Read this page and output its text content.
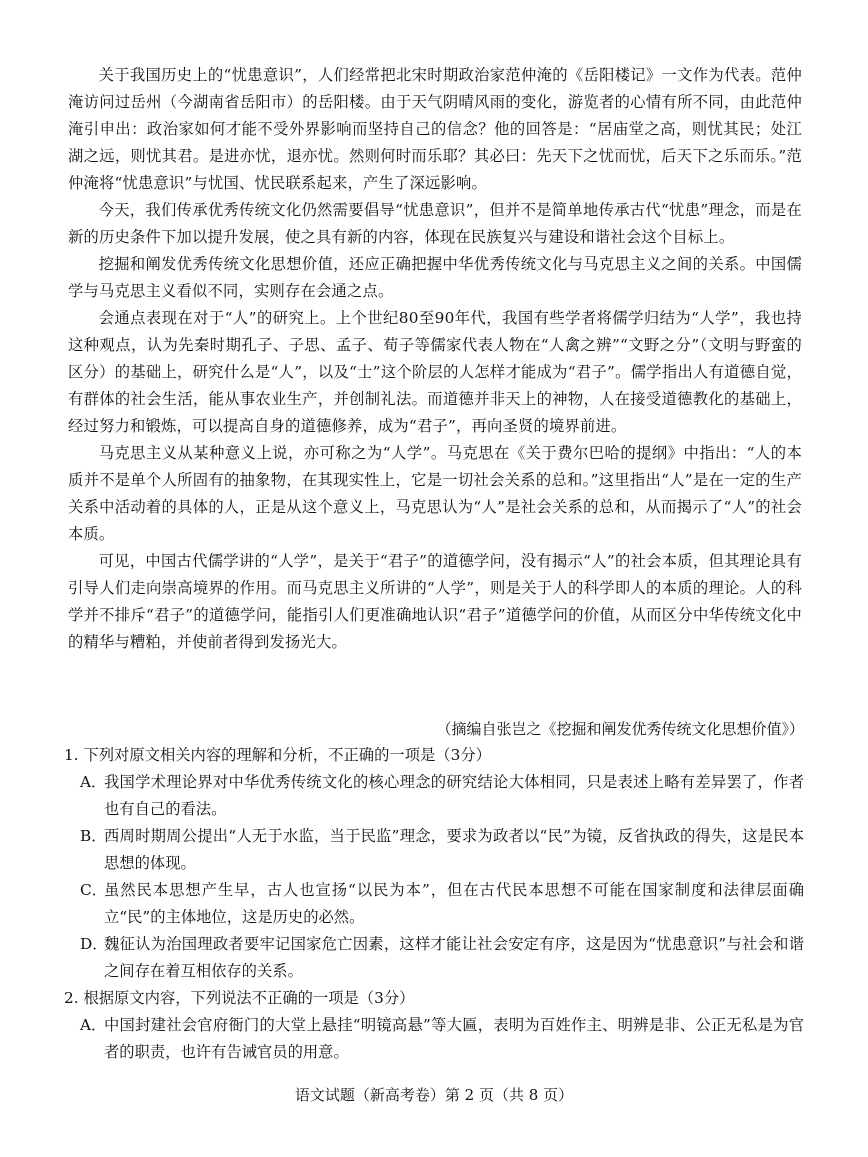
关于我国历史上的“忧患意识”，人们经常把北宋时期政治家范仲淹的《岳阳楼记》一文作为代表。范仲淹访问过岳州（今湖南省岳阳市）的岳阳楼。由于天气阴晴风雨的变化，游览者的心情有所不同，由此范仲淹引申出：政治家如何才能不受外界影响而坚持自己的信念？他的回答是：“居庙堂之高，则忧其民；处江湖之远，则忧其君。是进亦忧，退亦忧。然则何时而乐耶？其必曰：先天下之忧而忧，后天下之乐而乐。”范仲淹将“忧患意识”与忧国、忧民联系起来，产生了深远影响。

今天，我们传承优秀传统文化仍然需要倡导“忧患意识”，但并不是简单地传承古代“忧患”理念，而是在新的历史条件下加以提升发展，使之具有新的内容，体现在民族复兴与建设和谐社会这个目标上。

挖掘和阐发优秀传统文化思想价值，还应正确把握中华优秀传统文化与马克思主义之间的关系。中国儒学与马克思主义看似不同，实则存在会通之点。

会通点表现在对于“人”的研究上。上个世纪80至90年代，我国有些学者将儒学归结为“人学”，我也持这种观点，认为先秦时期孔子、子思、孟子、荀子等儒家代表人物在“人禽之辨”“文野之分”（文明与野蛮的区分）的基础上，研究什么是“人”，以及“士”这个阶层的人怎样才能成为“君子”。儒学指出人有道德自觉，有群体的社会生活，能从事农业生产，并创制礼法。而道德并非天上的神物，人在接受道德教化的基础上，经过努力和锻炼，可以提高自身的道德修养，成为“君子”，再向圣贤的境界前进。

马克思主义从某种意义上说，亦可称之为“人学”。马克思在《关于费尔巴哈的提纲》中指出：“人的本质并不是单个人所固有的抽象物，在其现实性上，它是一切社会关系的总和。”这里指出“人”是在一定的生产关系中活动着的具体的人，正是从这个意义上，马克思认为“人”是社会关系的总和，从而揭示了“人”的社会本质。

可见，中国古代儒学讲的“人学”，是关于“君子”的道德学问，没有揭示“人”的社会本质，但其理论具有引导人们走向崇高境界的作用。而马克思主义所讲的“人学”，则是关于人的科学即人的本质的理论。人的科学并不排斥“君子”的道德学问，能指引人们更准确地认识“君子”道德学问的价值，从而区分中华传统文化中的精华与糟粕，并使前者得到发扬光大。

（摘编自张岂之《挖掘和阐发优秀传统文化思想价值》）

1. 下列对原文相关内容的理解和分析，不正确的一项是（3分）

A．
我国学术理论界对中华优秀传统文化的核心理念的研究结论大体相同，只是表述上略有差异罢了，作者也有自己的看法。
B．
西周时期周公提出“人无于水监，当于民监”理念，要求为政者以“民”为镜，反省执政的得失，这是民本思想的体现。
C．
虽然民本思想产生早，古人也宣扬“以民为本”，但在古代民本思想不可能在国家制度和法律层面确立“民”的主体地位，这是历史的必然。
D．
魏征认为治国理政者要牢记国家危亡因素，这样才能让社会安定有序，这是因为“忧患意识”与社会和谐之间存在着互相依存的关系。

2. 根据原文内容，下列说法不正确的一项是（3分）

A．
中国封建社会官府衙门的大堂上悬挂“明镜高悬”等大匾，表明为百姓作主、明辨是非、公正无私是为官者的职责，也许有告诫官员的用意。

语文试题（新高考卷）第 2 页（共 8 页）
